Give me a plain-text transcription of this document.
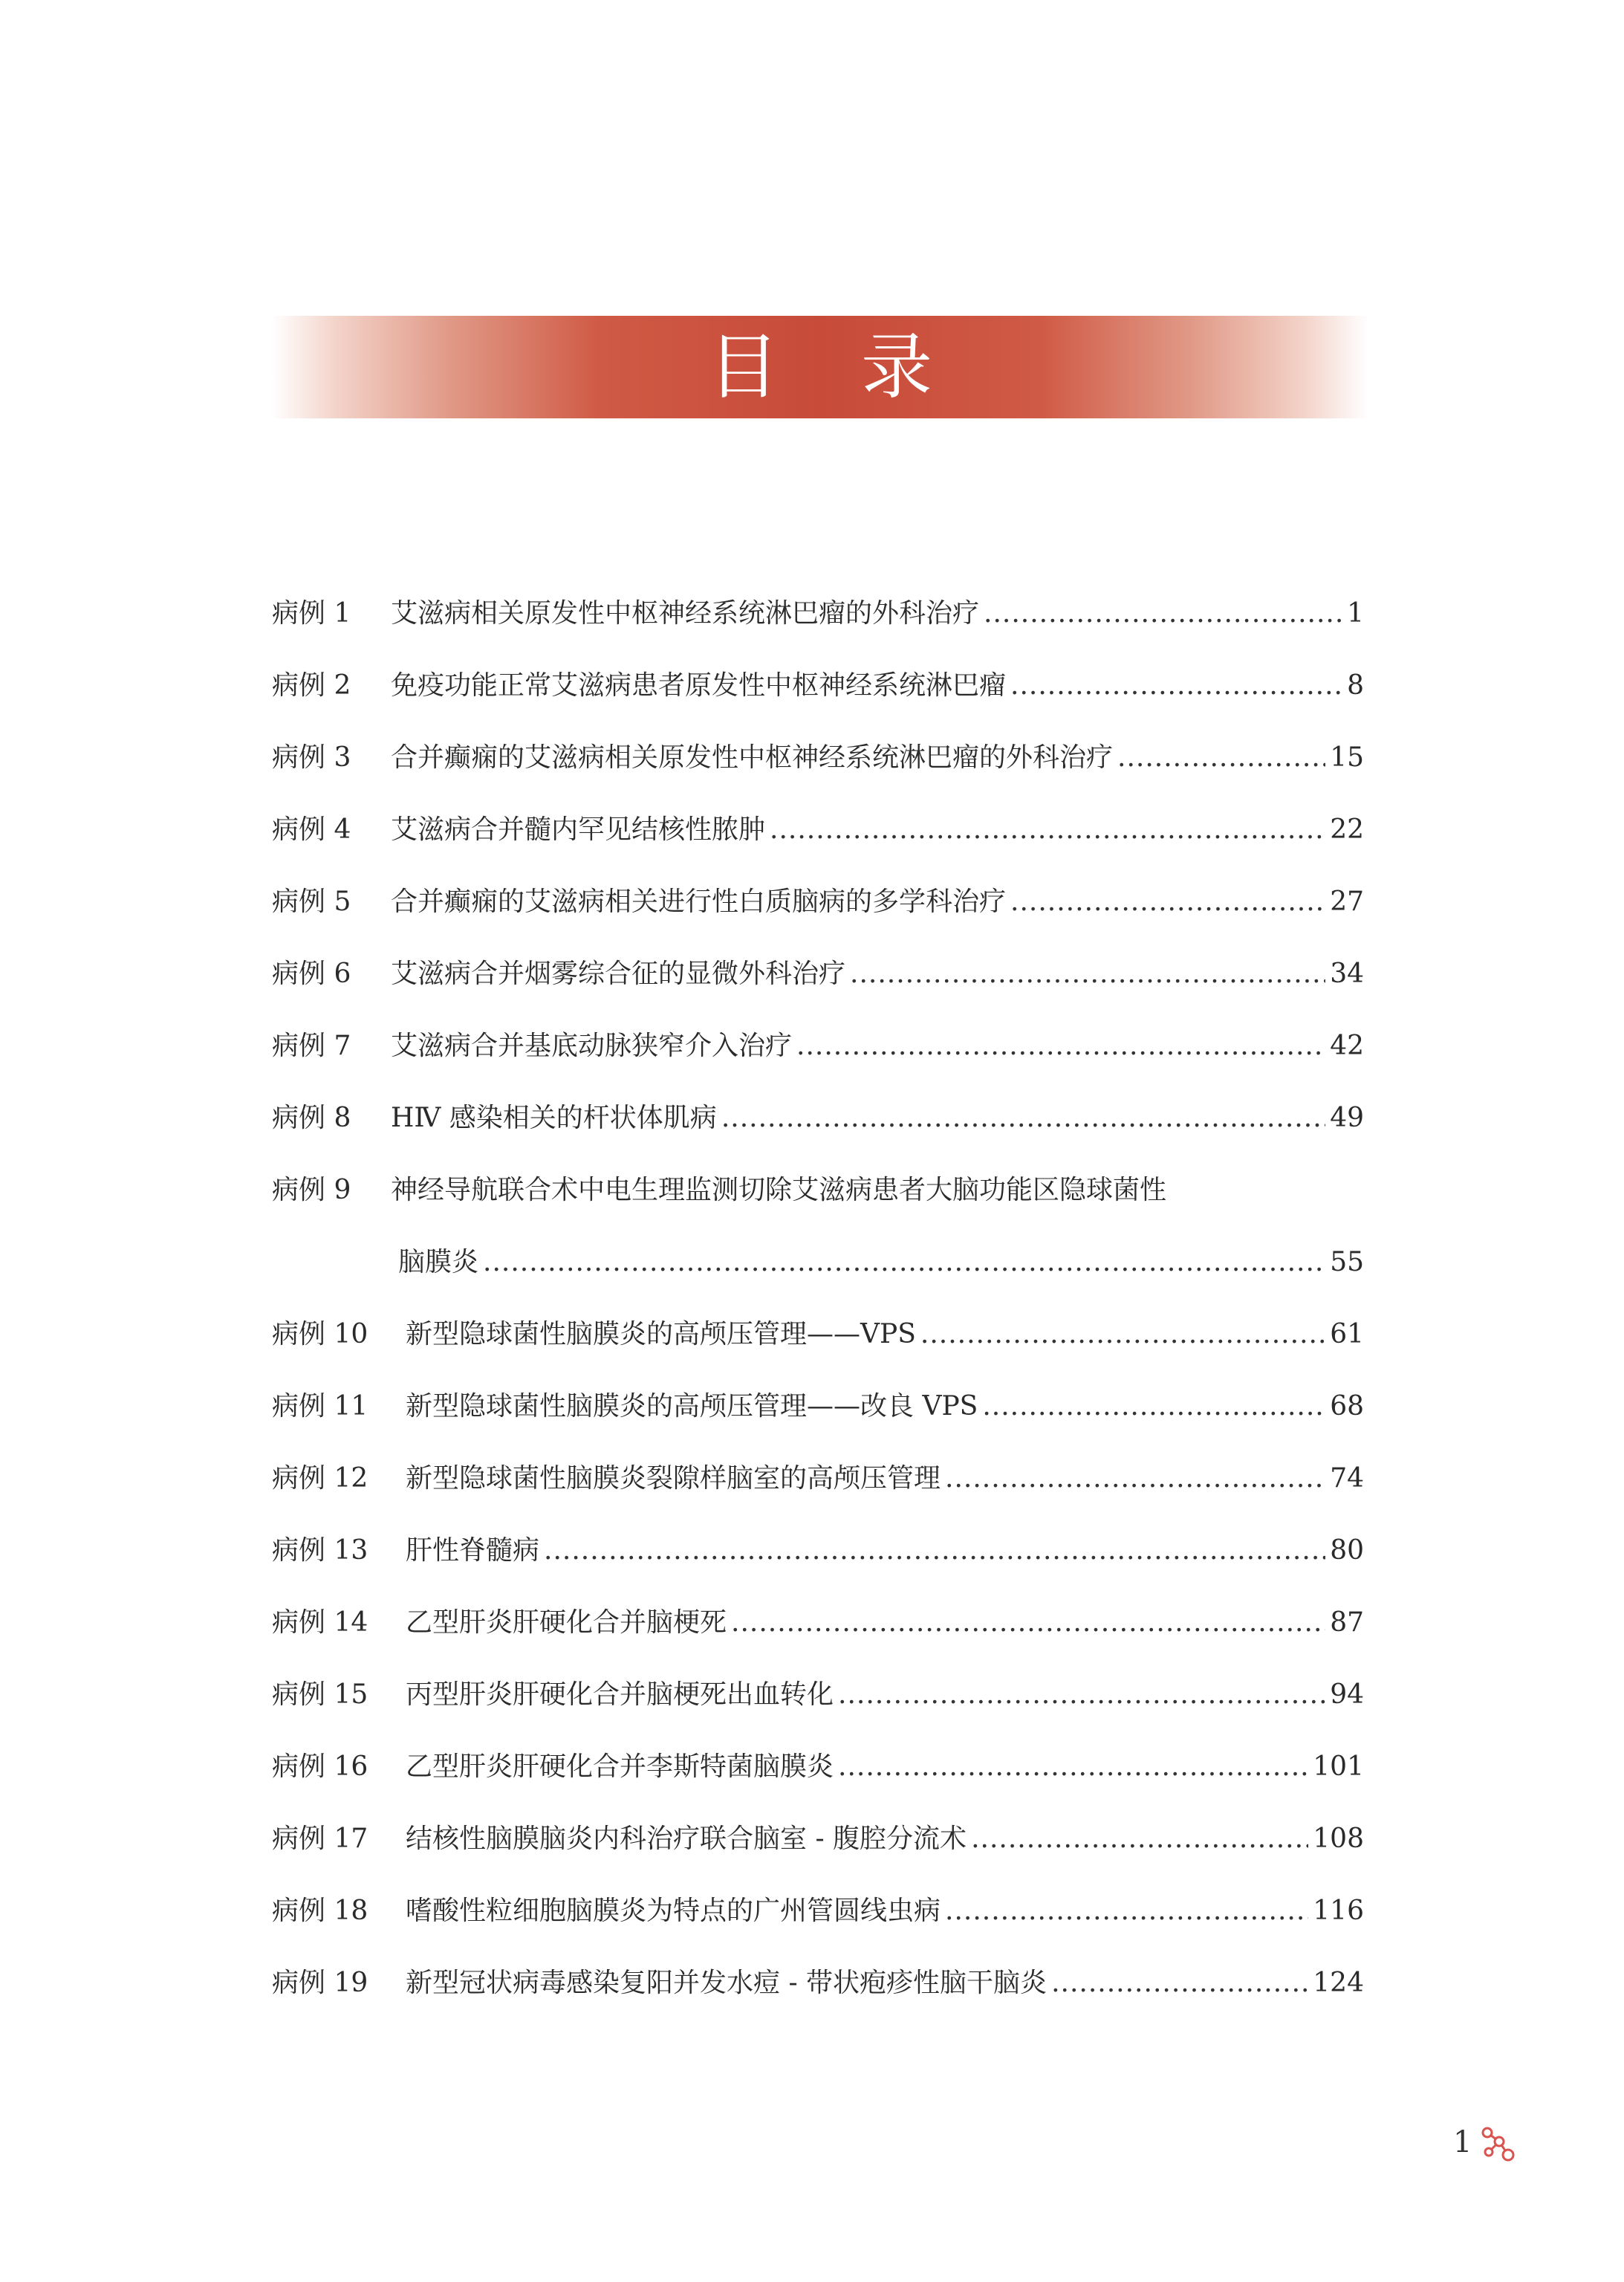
目录
病例 1	艾滋病相关原发性中枢神经系统淋巴瘤的外科治疗 .....	1
病例 2	免疫功能正常艾滋病患者原发性中枢神经系统淋巴瘤 .....	8
病例 3	合并癫痫的艾滋病相关原发性中枢神经系统淋巴瘤的外科治疗 .....	15
病例 4	艾滋病合并髓内罕见结核性脓肿 .....	22
病例 5	合并癫痫的艾滋病相关进行性白质脑病的多学科治疗 .....	27
病例 6	艾滋病合并烟雾综合征的显微外科治疗 .....	34
病例 7	艾滋病合并基底动脉狭窄介入治疗 .....	42
病例 8	HⅣ 感染相关的杆状体肌病 .....	49
病例 9	神经导航联合术中电生理监测切除艾滋病患者大脑功能区隐球菌性
脑膜炎 .....	55
病例 10	新型隐球菌性脑膜炎的高颅压管理——VPS .....	61
病例 11	新型隐球菌性脑膜炎的高颅压管理——改良 VPS .....	68
病例 12	新型隐球菌性脑膜炎裂隙样脑室的高颅压管理 .....	74
病例 13	肝性脊髓病 .....	80
病例 14	乙型肝炎肝硬化合并脑梗死 .....	87
病例 15	丙型肝炎肝硬化合并脑梗死出血转化 .....	94
病例 16	乙型肝炎肝硬化合并李斯特菌脑膜炎 .....	101
病例 17	结核性脑膜脑炎内科治疗联合脑室 - 腹腔分流术 .....	108
病例 18	嗜酸性粒细胞脑膜炎为特点的广州管圆线虫病 .....	116
病例 19	新型冠状病毒感染复阳并发水痘 - 带状疱疹性脑干脑炎 .....	124
1
